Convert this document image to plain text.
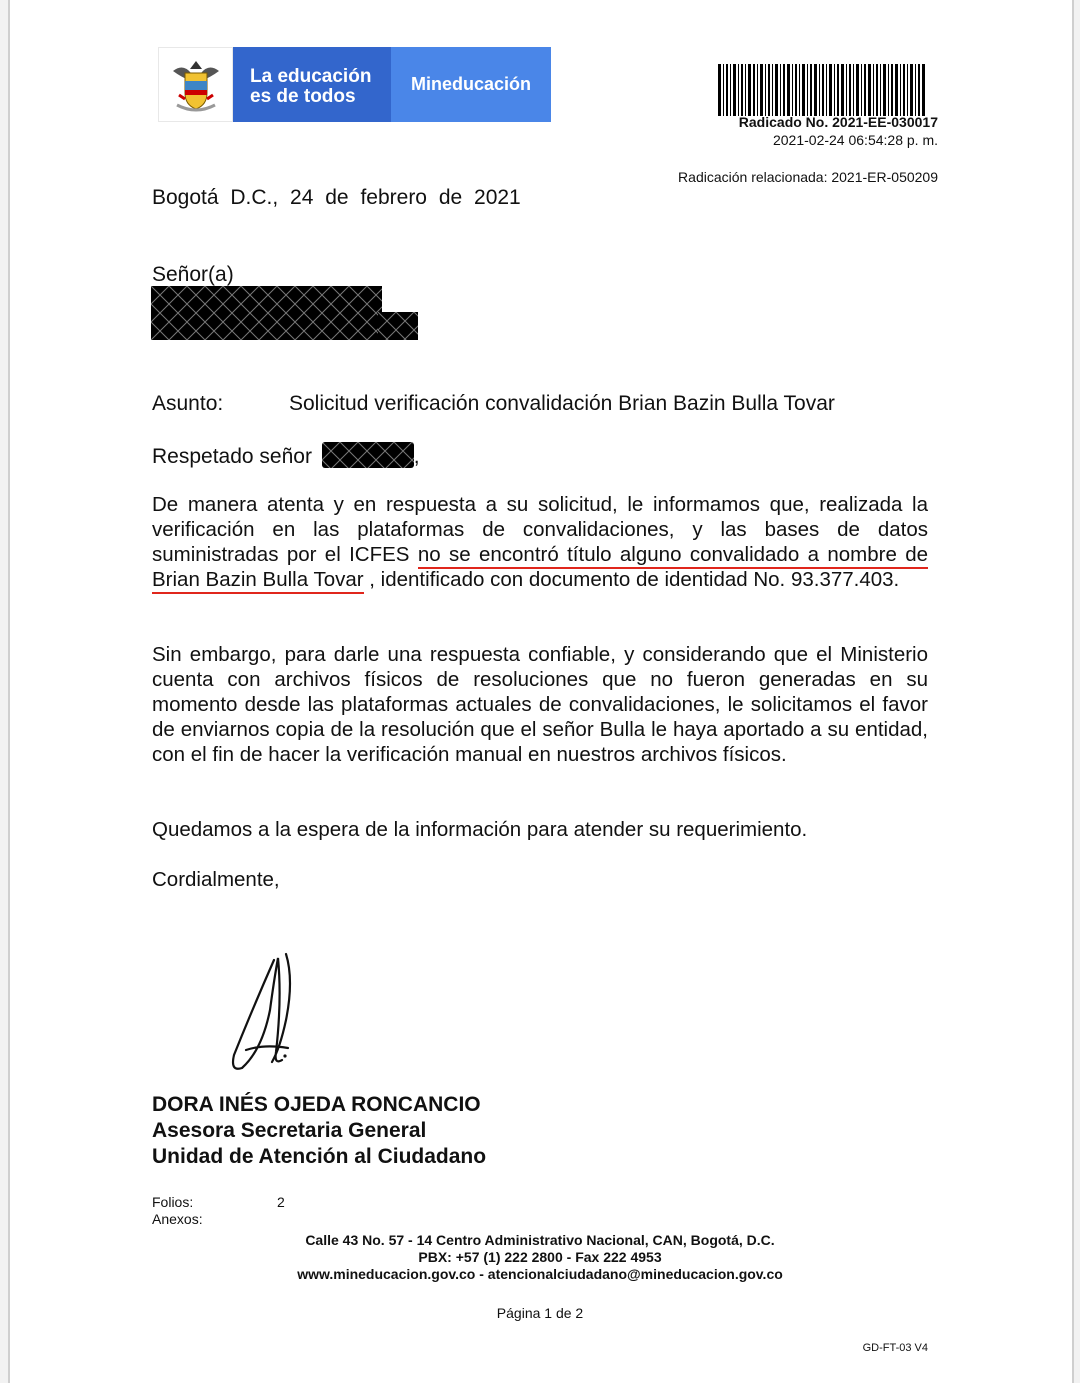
La educación
es de todos
Mineducación
Radicado No. 2021-EE-030017
2021-02-24 06:54:28 p. m.
Radicación relacionada: 2021-ER-050209
Bogotá D.C., 24 de febrero de 2021
Señor(a)
Asunto:	Solicitud verificación convalidación Brian Bazin Bulla Tovar
Respetado señor	,
De manera atenta y en respuesta a su solicitud, le informamos que, realizada la verificación en las plataformas de convalidaciones, y las bases de datos suministradas por el ICFES no se encontró título alguno convalidado a nombre de Brian Bazin Bulla Tovar , identificado con documento de identidad No. 93.377.403.
Sin embargo, para darle una respuesta confiable, y considerando que el Ministerio cuenta con archivos físicos de resoluciones que no fueron generadas en su momento desde las plataformas actuales de convalidaciones, le solicitamos el favor de enviarnos copia de la resolución que el señor Bulla le haya aportado a su entidad, con el fin de hacer la verificación manual en nuestros archivos físicos.
Quedamos a la espera de la información para atender su requerimiento.
Cordialmente,
DORA INÉS OJEDA RONCANCIO
Asesora Secretaria General
Unidad de Atención al Ciudadano
Folios:
Anexos:
2
Calle 43 No. 57 - 14 Centro Administrativo Nacional, CAN, Bogotá, D.C.
PBX: +57 (1) 222 2800 - Fax 222 4953
www.mineducacion.gov.co - atencionalciudadano@mineducacion.gov.co
Página 1 de 2
GD-FT-03 V4
